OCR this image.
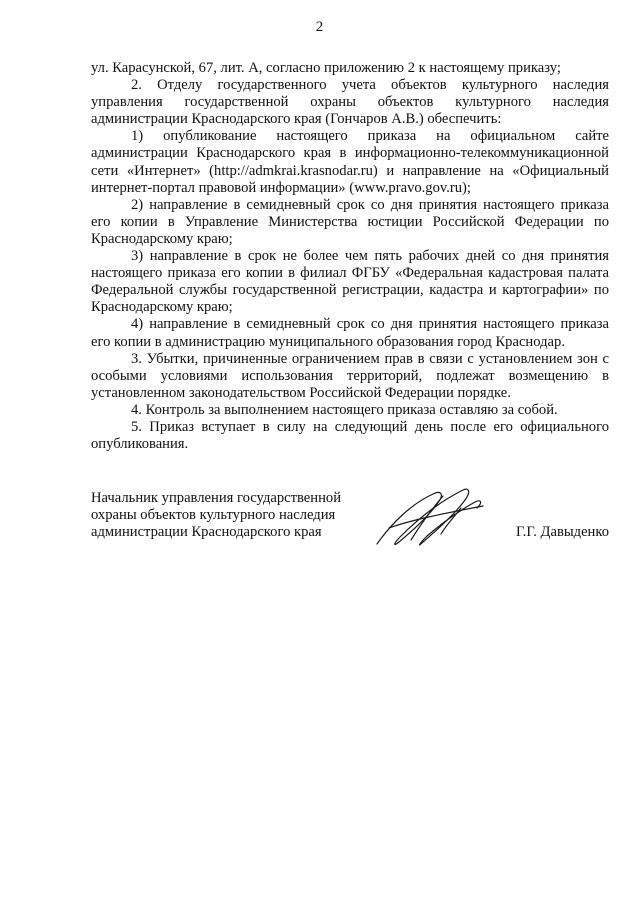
2

ул. Карасунской, 67, лит. А, согласно приложению 2 к настоящему приказу;

2. Отделу государственного учета объектов культурного наследия управления государственной охраны объектов культурного наследия администрации Краснодарского края (Гончаров А.В.) обеспечить:

1) опубликование настоящего приказа на официальном сайте администрации Краснодарского края в информационно-телекоммуникационной сети «Интернет» (http://admkrai.krasnodar.ru) и направление на «Официальный интернет-портал правовой информации» (www.pravo.gov.ru);

2) направление в семидневный срок со дня принятия настоящего приказа его копии в Управление Министерства юстиции Российской Федерации по Краснодарскому краю;

3) направление в срок не более чем пять рабочих дней со дня принятия настоящего приказа его копии в филиал ФГБУ «Федеральная кадастровая палата Федеральной службы государственной регистрации, кадастра и картографии» по Краснодарскому краю;

4) направление в семидневный срок со дня принятия настоящего приказа его копии в администрацию муниципального образования город Краснодар.

3. Убытки, причиненные ограничением прав в связи с установлением зон с особыми условиями использования территорий, подлежат возмещению в установленном законодательством Российской Федерации порядке.

4. Контроль за выполнением настоящего приказа оставляю за собой.

5. Приказ вступает в силу на следующий день после его официального опубликования.

Начальник управления государственной
охраны объектов культурного наследия
администрации Краснодарского края	Г.Г. Давыденко
